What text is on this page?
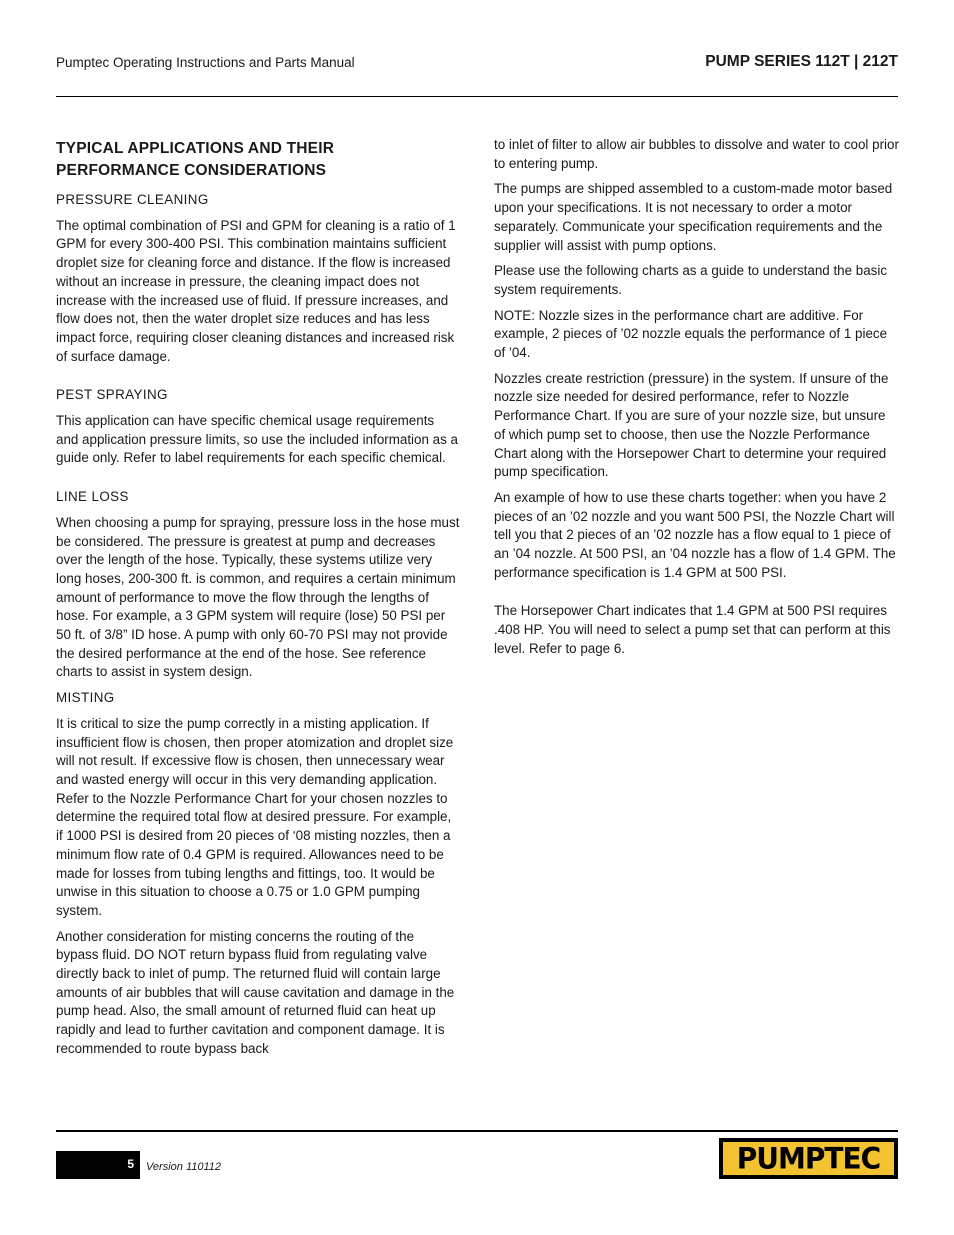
Pumptec Operating Instructions and Parts Manual	PUMP SERIES 112T | 212T
TYPICAL APPLICATIONS AND THEIR
PERFORMANCE CONSIDERATIONS
PRESSURE CLEANING

The optimal combination of PSI and GPM for cleaning is a ratio of 1 GPM for every 300-400 PSI. This combination maintains sufficient droplet size for cleaning force and distance. If the flow is increased without an increase in pressure, the cleaning impact does not increase with the increased use of fluid. If pressure increases, and flow does not, then the water droplet size reduces and has less impact force, requiring closer cleaning distances and increased risk of surface damage.

PEST SPRAYING

This application can have specific chemical usage requirements and application pressure limits, so use the included information as a guide only. Refer to label requirements for each specific chemical.

LINE LOSS

When choosing a pump for spraying, pressure loss in the hose must be considered. The pressure is greatest at pump and decreases over the length of the hose. Typically, these systems utilize very long hoses, 200-300 ft. is common, and requires a certain minimum amount of performance to move the flow through the lengths of hose. For example, a 3 GPM system will require (lose) 50 PSI per 50 ft. of 3/8” ID hose. A pump with only 60-70 PSI may not provide the desired performance at the end of the hose. See reference charts to assist in system design.

MISTING

It is critical to size the pump correctly in a misting application. If insufficient flow is chosen, then proper atomization and droplet size will not result. If excessive flow is chosen, then unnecessary wear and wasted energy will occur in this very demanding application. Refer to the Nozzle Performance Chart for your chosen nozzles to determine the required total flow at desired pressure. For example, if 1000 PSI is desired from 20 pieces of ‘08 misting nozzles, then a minimum flow rate of 0.4 GPM is required. Allowances need to be made for losses from tubing lengths and fittings, too. It would be unwise in this situation to choose a 0.75 or 1.0 GPM pumping system.

Another consideration for misting concerns the routing of the bypass fluid. DO NOT return bypass fluid from regulating valve directly back to inlet of pump. The returned fluid will contain large amounts of air bubbles that will cause cavitation and damage in the pump head. Also, the small amount of returned fluid can heat up rapidly and lead to further cavitation and component damage. It is recommended to route bypass back

to inlet of filter to allow air bubbles to dissolve and water to cool prior to entering pump.

The pumps are shipped assembled to a custom-made motor based upon your specifications. It is not necessary to order a motor separately. Communicate your specification requirements and the supplier will assist with pump options.

Please use the following charts as a guide to understand the basic system requirements.

NOTE: Nozzle sizes in the performance chart are additive. For example, 2 pieces of ’02 nozzle equals the performance of 1 piece of ’04.

Nozzles create restriction (pressure) in the system. If unsure of the nozzle size needed for desired performance, refer to Nozzle Performance Chart. If you are sure of your nozzle size, but unsure of which pump set to choose, then use the Nozzle Performance Chart along with the Horsepower Chart to determine your required pump specification.

An example of how to use these charts together: when you have 2 pieces of an ’02 nozzle and you want 500 PSI, the Nozzle Chart will tell you that 2 pieces of an ’02 nozzle has a flow equal to 1 piece of an ’04 nozzle. At 500 PSI, an ’04 nozzle has a flow of 1.4 GPM. The performance specification is 1.4 GPM at 500 PSI.

The Horsepower Chart indicates that 1.4 GPM at 500 PSI requires .408 HP. You will need to select a pump set that can perform at this level. Refer to page 6.

5 Version 110112	PUMPTEC
